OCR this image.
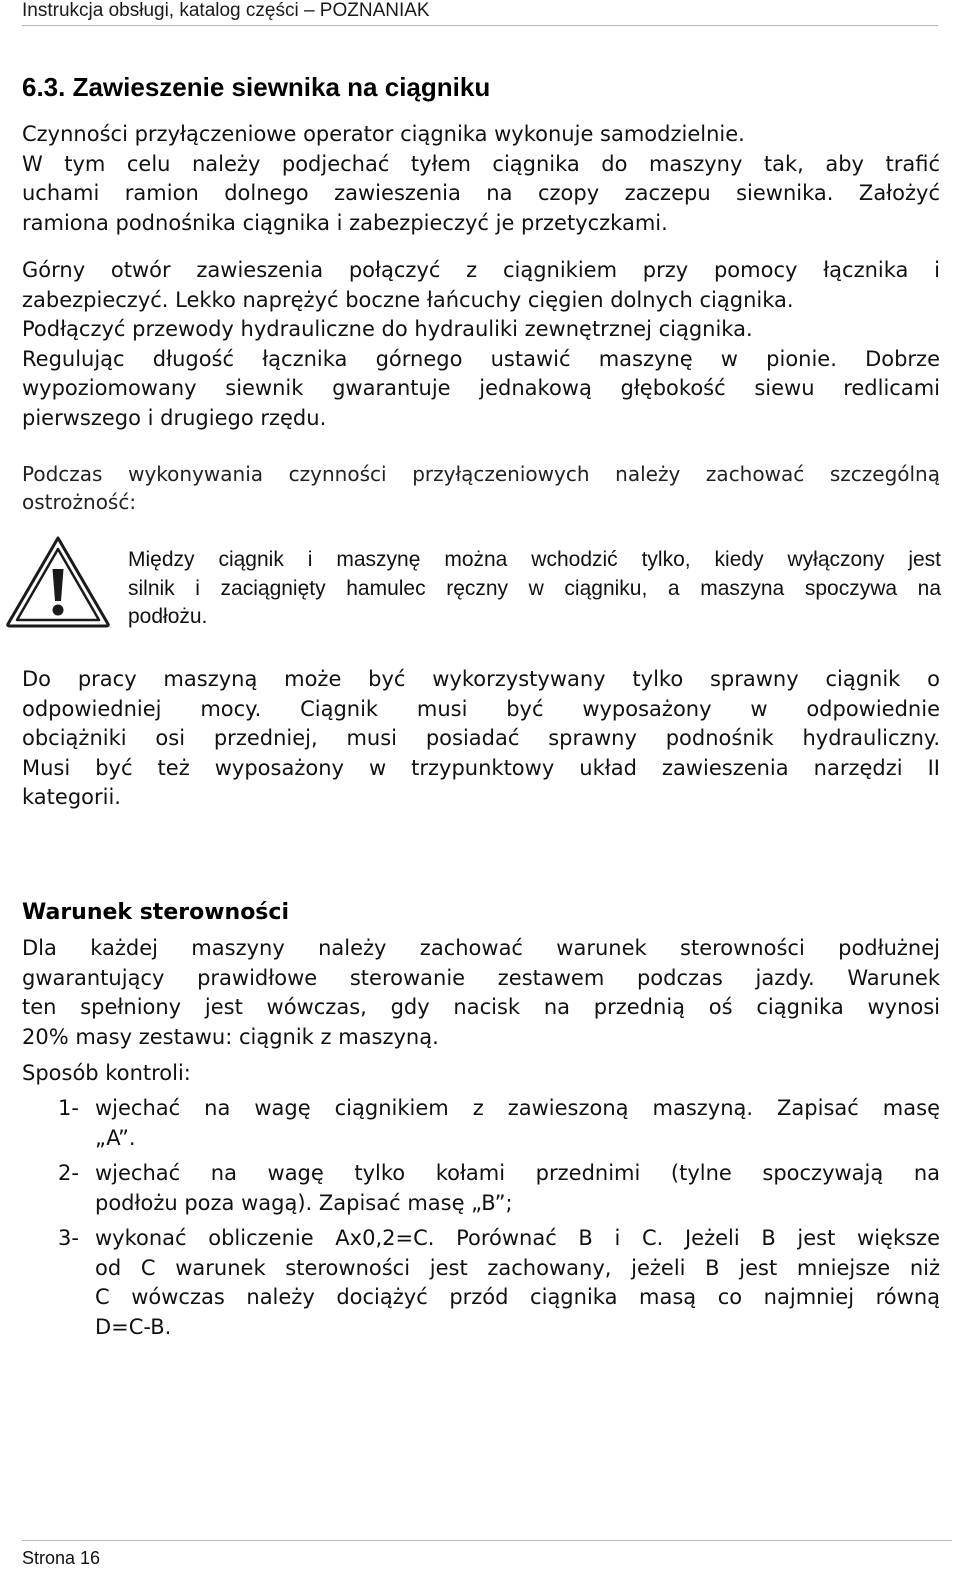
Instrukcja obsługi, katalog części – POZNANIAK
6.3. Zawieszenie siewnika na ciągniku
Czynności przyłączeniowe operator ciągnika wykonuje samodzielnie.
W tym celu należy podjechać tyłem ciągnika do maszyny tak, aby trafić
uchami ramion dolnego zawieszenia na czopy zaczepu siewnika. Założyć
ramiona podnośnika ciągnika i zabezpieczyć je przetyczkami.
Górny otwór zawieszenia połączyć z ciągnikiem przy pomocy łącznika i
zabezpieczyć. Lekko naprężyć boczne łańcuchy cięgien dolnych ciągnika.
Podłączyć przewody hydrauliczne do hydrauliki zewnętrznej ciągnika.
Regulując długość łącznika górnego ustawić maszynę w pionie. Dobrze
wypoziomowany siewnik gwarantuje jednakową głębokość siewu redlicami
pierwszego i drugiego rzędu.
Podczas wykonywania czynności przyłączeniowych należy zachować szczególną
ostrożność:
Między ciągnik i maszynę można wchodzić tylko, kiedy wyłączony jest
silnik i zaciągnięty hamulec ręczny w ciągniku, a maszyna spoczywa na
podłożu.
Do pracy maszyną może być wykorzystywany tylko sprawny ciągnik o
odpowiedniej mocy. Ciągnik musi być wyposażony w odpowiednie
obciążniki osi przedniej, musi posiadać sprawny podnośnik hydrauliczny.
Musi być też wyposażony w trzypunktowy układ zawieszenia narzędzi II
kategorii.
Warunek sterowności
Dla każdej maszyny należy zachować warunek sterowności podłużnej
gwarantujący prawidłowe sterowanie zestawem podczas jazdy. Warunek
ten spełniony jest wówczas, gdy nacisk na przednią oś ciągnika wynosi
20% masy zestawu: ciągnik z maszyną.
Sposób kontroli:
1- wjechać na wagę ciągnikiem z zawieszoną maszyną. Zapisać masę
„A”.
2- wjechać na wagę tylko kołami przednimi (tylne spoczywają na
podłożu poza wagą). Zapisać masę „B”;
3- wykonać obliczenie Ax0,2=C. Porównać B i C. Jeżeli B jest większe
od C warunek sterowności jest zachowany, jeżeli B jest mniejsze niż
C wówczas należy dociążyć przód ciągnika masą co najmniej równą
D=C-B.
Strona 16
